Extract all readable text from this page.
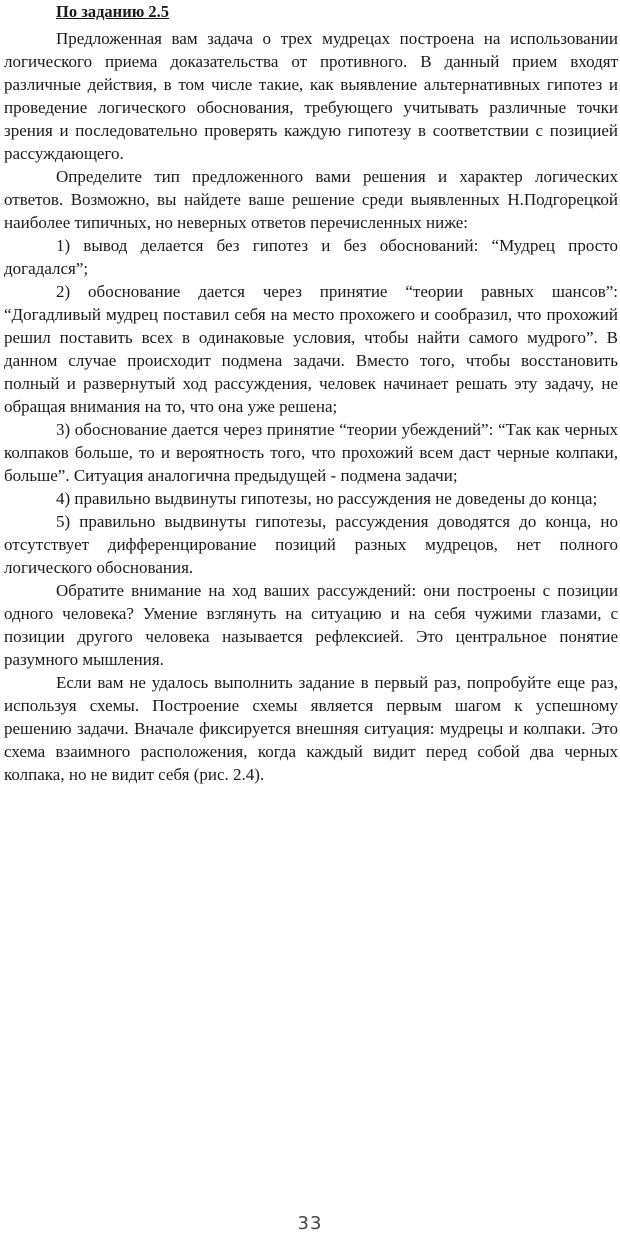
По заданию 2.5

Предложенная вам задача о трех мудрецах построена на использовании логического приема доказательства от противного. В данный прием входят различные действия, в том числе такие, как выявление альтернативных гипотез и проведение логического обоснования, требующего учитывать различные точки зрения и последовательно проверять каждую гипотезу в соответствии с позицией рассуждающего.

Определите тип предложенного вами решения и характер логических ответов. Возможно, вы найдете ваше решение среди выявленных Н.Подгорецкой наиболее типичных, но неверных ответов перечисленных ниже:

1) вывод делается без гипотез и без обоснований: “Мудрец просто догадался”;

2) обоснование дается через принятие “теории равных шансов”: “Догадливый мудрец поставил себя на место прохожего и сообразил, что прохожий решил поставить всех в одинаковые условия, чтобы найти самого мудрого”. В данном случае происходит подмена задачи. Вместо того, чтобы восстановить полный и развернутый ход рассуждения, человек начинает решать эту задачу, не обращая внимания на то, что она уже решена;

3) обоснование дается через принятие “теории убеждений”: “Так как черных колпаков больше, то и вероятность того, что прохожий всем даст черные колпаки, больше”. Ситуация аналогична предыдущей - подмена задачи;

4) правильно выдвинуты гипотезы, но рассуждения не доведены до конца;

5) правильно выдвинуты гипотезы, рассуждения доводятся до конца, но отсутствует дифференцирование позиций разных мудрецов, нет полного логического обоснования.

Обратите внимание на ход ваших рассуждений: они построены с позиции одного человека? Умение взглянуть на ситуацию и на себя чужими глазами, с позиции другого человека называется рефлексией. Это центральное понятие разумного мышления.

Если вам не удалось выполнить задание в первый раз, попробуйте еще раз, используя схемы. Построение схемы является первым шагом к успешному решению задачи. Вначале фиксируется внешняя ситуация: мудрецы и колпаки. Это схема взаимного расположения, когда каждый видит перед собой два черных колпака, но не видит себя (рис. 2.4).

33
